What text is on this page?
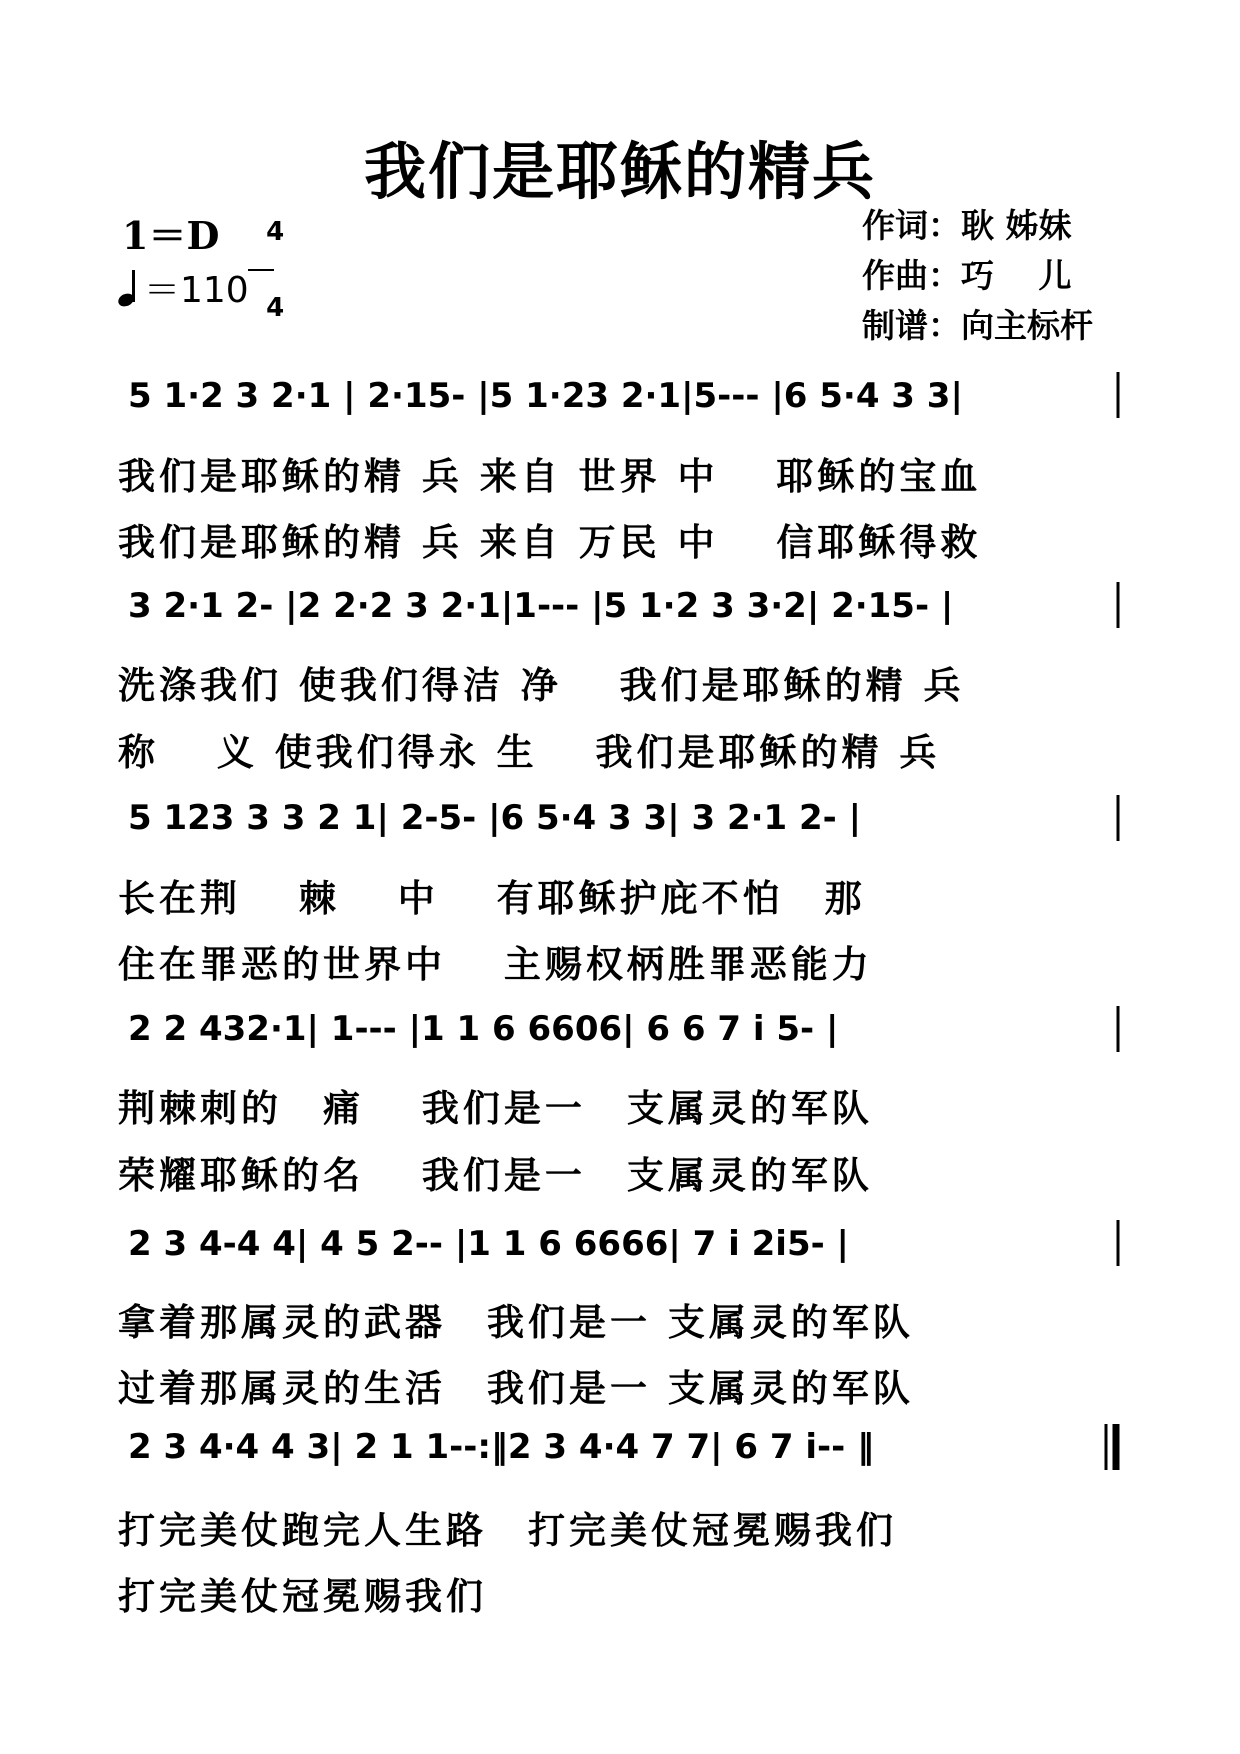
我们是耶稣的精兵
1＝D	4

4

＝110
作词：耿 姊妹
作曲：巧　 儿
制谱：向主标杆
5 1·2 3 2·1 | 2·15- |5 1·23 2·1|5--- |6 5·4 3 3|
3 2·1 2- |2 2·2 3 2·1|1--- |5 1·2 3 3·2| 2·15- |
5 123 3 3 2 1| 2-5- |6 5·4 3 3| 3 2·1 2- |
2 2 432·1| 1--- |1 1 6 6606| 6 6 7 i 5- |
2 3 4-4 4| 4 5 2-- |1 1 6 6666| 7 i 2i5- |
2 3 4·4 4 3| 2 1 1--:‖2 3 4·4 7 7| 6 7 i-- ‖
我们是耶稣的精 兵 来自 世界 中　 耶稣的宝血
我们是耶稣的精 兵 来自 万民 中　 信耶稣得救
洗涤我们 使我们得洁 净　 我们是耶稣的精 兵
称　 义 使我们得永 生　 我们是耶稣的精 兵
长在荆　 棘　 中　 有耶稣护庇不怕　那
住在罪恶的世界中　 主赐权柄胜罪恶能力
荆棘刺的　痛　 我们是一　支属灵的军队
荣耀耶稣的名　 我们是一　支属灵的军队
拿着那属灵的武器　我们是一 支属灵的军队
过着那属灵的生活　我们是一 支属灵的军队
打完美仗跑完人生路　打完美仗冠冕赐我们
打完美仗冠冕赐我们
